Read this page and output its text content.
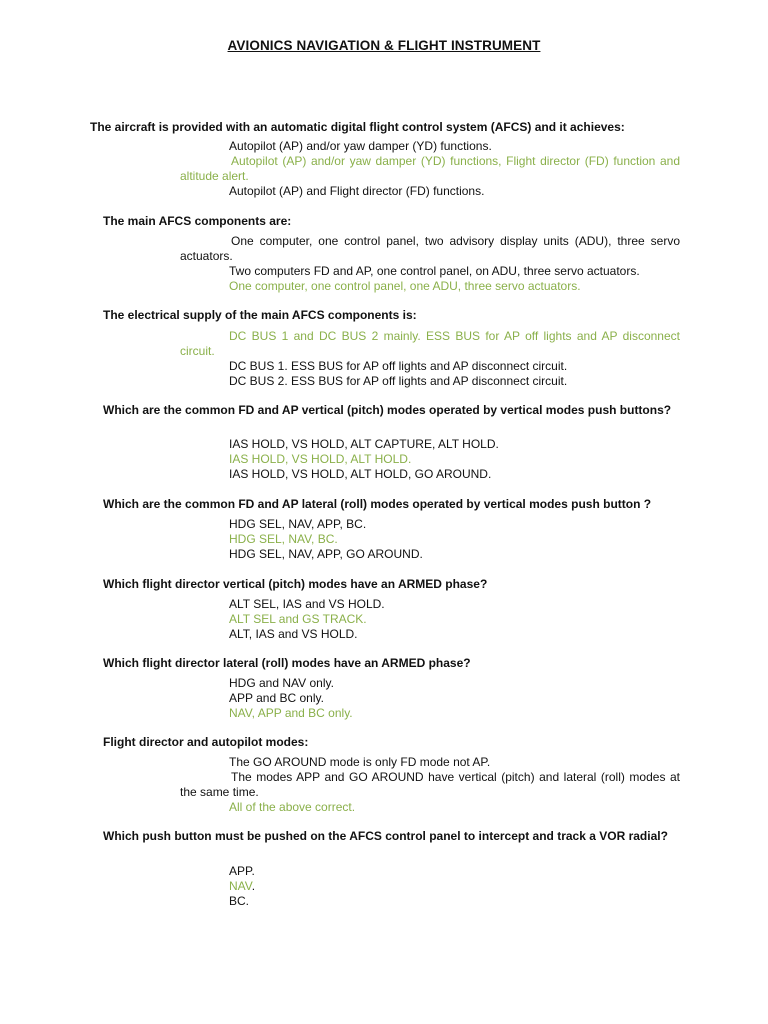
AVIONICS NAVIGATION & FLIGHT INSTRUMENT
The aircraft is provided with an automatic digital flight control system (AFCS) and it achieves:

Autopilot (AP) and/or yaw damper (YD) functions.

Autopilot (AP) and/or yaw damper (YD) functions, Flight director (FD) function and altitude alert.

Autopilot (AP) and Flight director (FD) functions.

The main AFCS components are:

One computer, one control panel, two advisory display units (ADU), three servo actuators.

Two computers FD and AP, one control panel, on ADU, three servo actuators.

One computer, one control panel, one ADU, three servo actuators.

The electrical supply of the main AFCS components is:

DC BUS 1 and DC BUS 2 mainly. ESS BUS for AP off lights and AP disconnect circuit.

DC BUS 1. ESS BUS for AP off lights and AP disconnect circuit.

DC BUS 2. ESS BUS for AP off lights and AP disconnect circuit.

Which are the common FD and AP vertical (pitch) modes operated by vertical modes push buttons?

IAS HOLD, VS HOLD, ALT CAPTURE, ALT HOLD.

IAS HOLD, VS HOLD, ALT HOLD.

IAS HOLD, VS HOLD, ALT HOLD, GO AROUND.

Which are the common FD and AP lateral (roll) modes operated by vertical modes push button ?

HDG SEL, NAV, APP, BC.

HDG SEL, NAV, BC.

HDG SEL, NAV, APP, GO AROUND.

Which flight director vertical (pitch) modes have an ARMED phase?

ALT SEL, IAS and VS HOLD.

ALT SEL and GS TRACK.

ALT, IAS and VS HOLD.

Which flight director lateral (roll) modes have an ARMED phase?

HDG and NAV only.

APP and BC only.

NAV, APP and BC only.

Flight director and autopilot modes:

The GO AROUND mode is only FD mode not AP.

The modes APP and GO AROUND have vertical (pitch) and lateral (roll) modes at the same time.

All of the above correct.

Which push button must be pushed on the AFCS control panel to intercept and track a VOR radial?

APP.

NAV.

BC.
